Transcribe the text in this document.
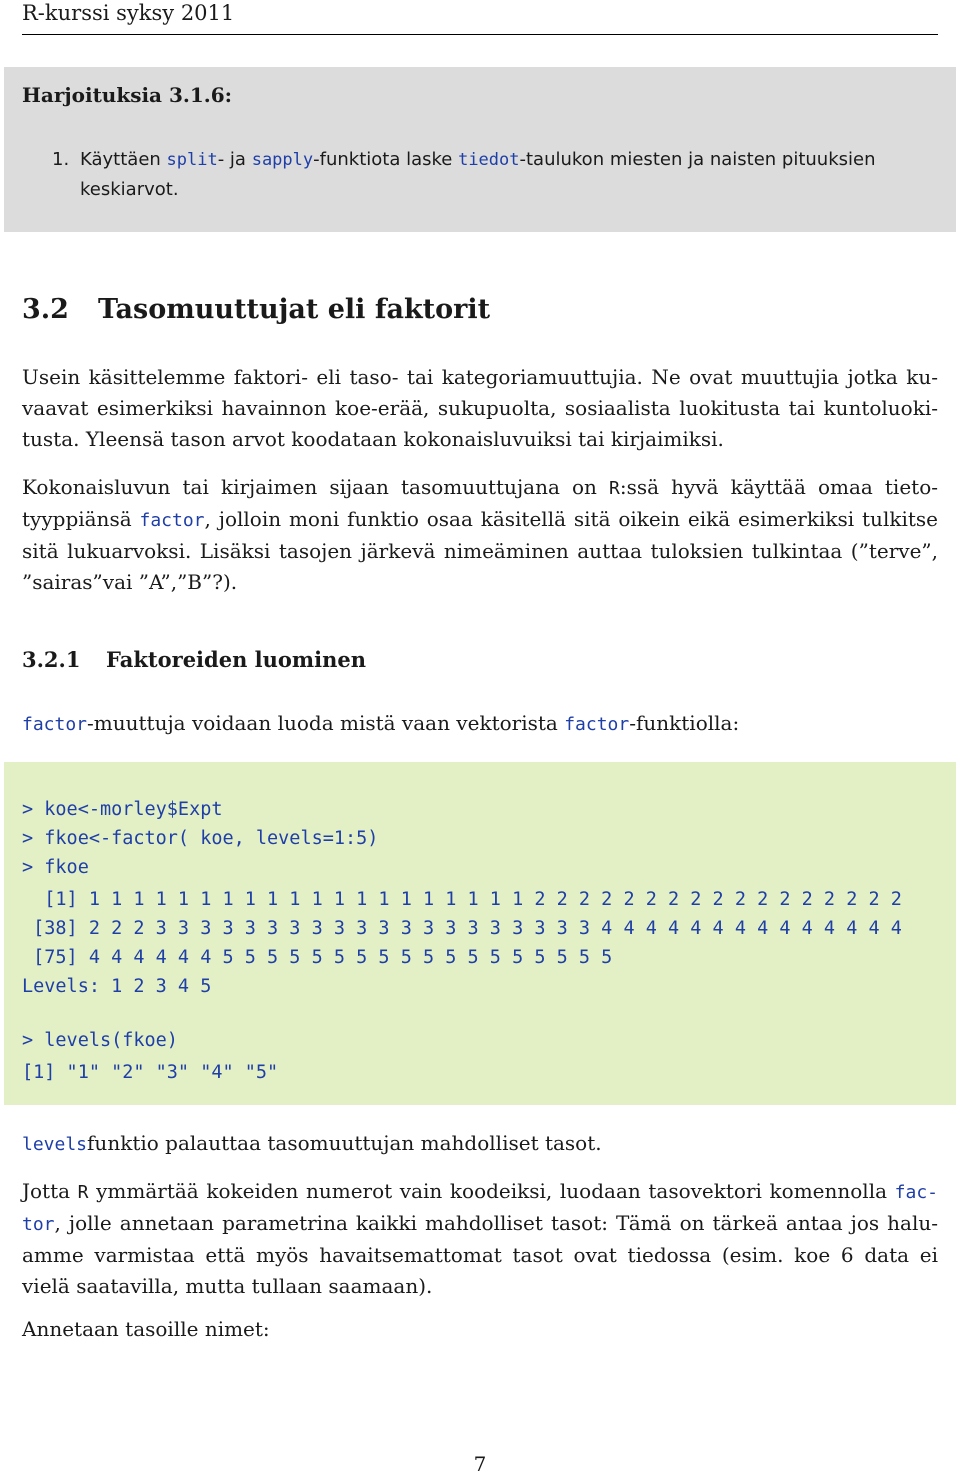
R-kurssi syksy 2011
Harjoituksia 3.1.6:
1. Käyttäen split- ja sapply-funktiota laske tiedot-taulukon miesten ja naisten pituuksien
keskiarvot.
3.2 Tasomuuttujat eli faktorit
Usein käsittelemme faktori- eli taso- tai kategoriamuuttujia. Ne ovat muuttujia jotka ku-
vaavat esimerkiksi havainnon koe-erää, sukupuolta, sosiaalista luokitusta tai kuntoluoki-
tusta. Yleensä tason arvot koodataan kokonaisluvuiksi tai kirjaimiksi.
Kokonaisluvun tai kirjaimen sijaan tasomuuttujana on R:ssä hyvä käyttää omaa tieto-
tyyppiänsä factor, jolloin moni funktio osaa käsitellä sitä oikein eikä esimerkiksi tulkitse
sitä lukuarvoksi. Lisäksi tasojen järkevä nimeäminen auttaa tuloksien tulkintaa (”terve”,
”sairas”vai ”A”,”B”?).
3.2.1 Faktoreiden luominen
factor-muuttuja voidaan luoda mistä vaan vektorista factor-funktiolla:
> koe<-morley$Expt
> fkoe<-factor( koe, levels=1:5)
> fkoe
[1] 1 1 1 1 1 1 1 1 1 1 1 1 1 1 1 1 1 1 1 1 2 2 2 2 2 2 2 2 2 2 2 2 2 2 2 2 2
[38] 2 2 2 3 3 3 3 3 3 3 3 3 3 3 3 3 3 3 3 3 3 3 3 4 4 4 4 4 4 4 4 4 4 4 4 4 4
[75] 4 4 4 4 4 4 5 5 5 5 5 5 5 5 5 5 5 5 5 5 5 5 5 5
Levels: 1 2 3 4 5
> levels(fkoe)
[1] "1" "2" "3" "4" "5"
levelsfunktio palauttaa tasomuuttujan mahdolliset tasot.
Jotta R ymmärtää kokeiden numerot vain koodeiksi, luodaan tasovektori komennolla fac-
tor, jolle annetaan parametrina kaikki mahdolliset tasot: Tämä on tärkeä antaa jos halu-
amme varmistaa että myös havaitsemattomat tasot ovat tiedossa (esim. koe 6 data ei
vielä saatavilla, mutta tullaan saamaan).
Annetaan tasoille nimet:
7
